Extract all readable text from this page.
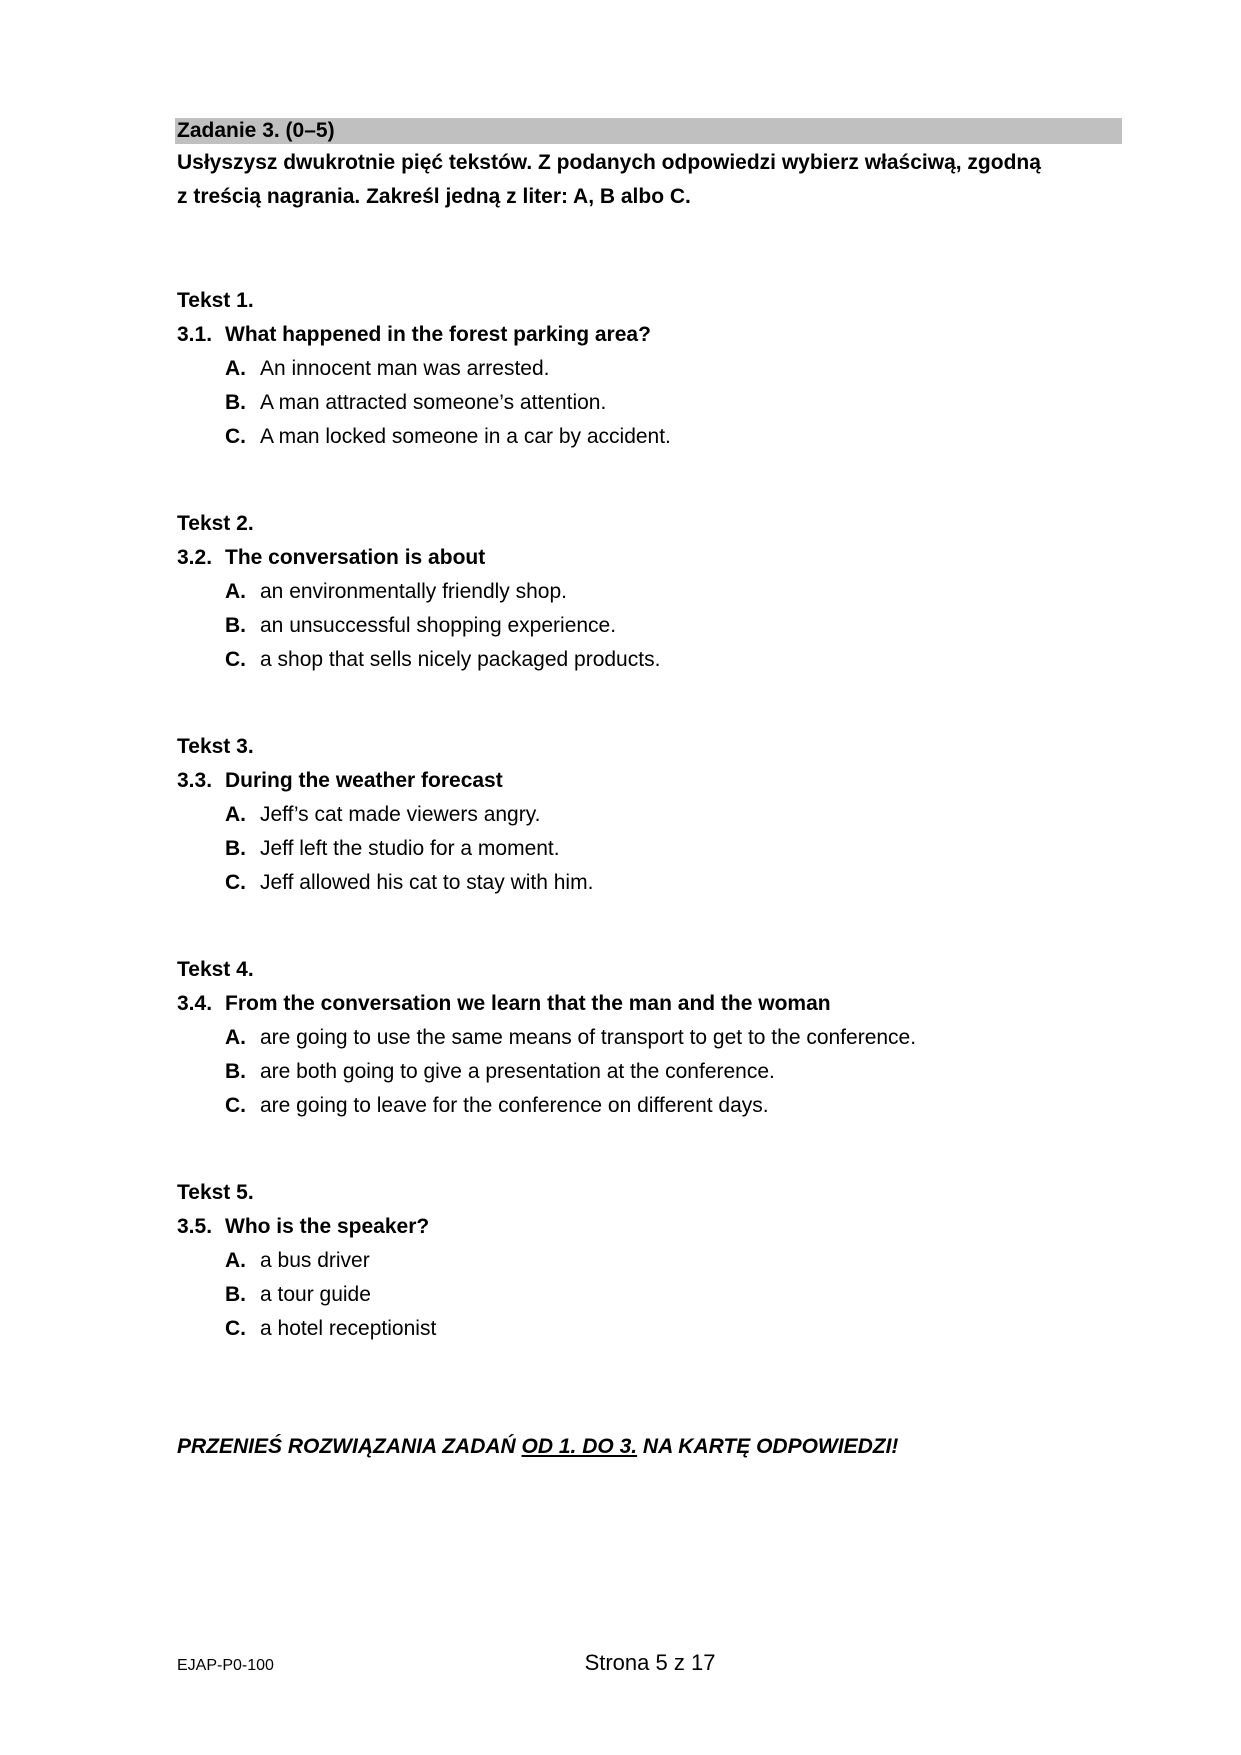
Zadanie 3. (0–5)
Usłyszysz dwukrotnie pięć tekstów. Z podanych odpowiedzi wybierz właściwą, zgodną
z treścią nagrania. Zakreśl jedną z liter: A, B albo C.
Tekst 1.
3.1. What happened in the forest parking area?
A. An innocent man was arrested.
B. A man attracted someone’s attention.
C. A man locked someone in a car by accident.
Tekst 2.
3.2. The conversation is about
A. an environmentally friendly shop.
B. an unsuccessful shopping experience.
C. a shop that sells nicely packaged products.
Tekst 3.
3.3. During the weather forecast
A. Jeff’s cat made viewers angry.
B. Jeff left the studio for a moment.
C. Jeff allowed his cat to stay with him.
Tekst 4.
3.4. From the conversation we learn that the man and the woman
A. are going to use the same means of transport to get to the conference.
B. are both going to give a presentation at the conference.
C. are going to leave for the conference on different days.
Tekst 5.
3.5. Who is the speaker?
A. a bus driver
B. a tour guide
C. a hotel receptionist
PRZENIEŚ ROZWIĄZANIA ZADAŃ OD 1. DO 3. NA KARTĘ ODPOWIEDZI!
EJAP-P0-100	Strona 5 z 17
